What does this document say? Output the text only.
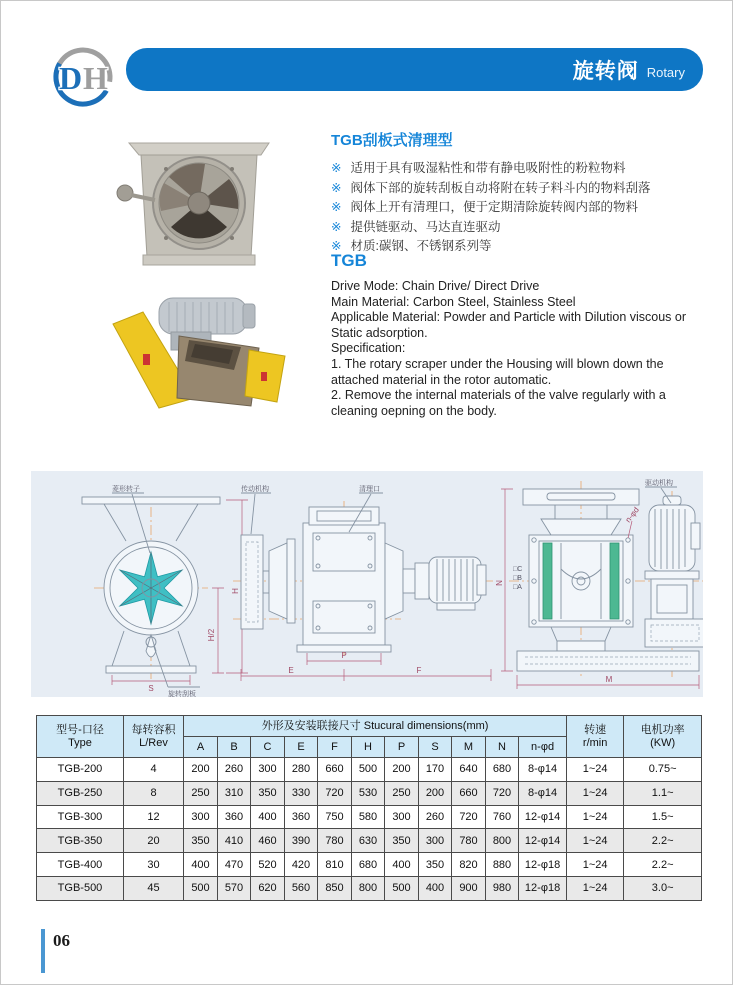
D H	旋转阀 Rotary
TGB刮板式清理型
※ 适用于具有吸湿粘性和带有静电吸附性的粉粒物料
※ 阀体下部的旋转刮板自动将附在转子料斗内的物料刮落
※ 阀体上开有清理口，便于定期清除旋转阀内部的物料
※ 提供链驱动、马达直连驱动
※ 材质:碳钢、不锈钢系列等
TGB
Drive Mode: Chain Drive/ Direct Drive
Main Material: Carbon Steel, Stainless Steel
Applicable Material: Powder and Particle with Dilution viscous or
Static adsorption.
Specification:
1. The rotary scraper under the Housing will blown down the
attached material in the rotor automatic.
2. Remove the internal materials of the valve regularly with a
cleaning oepning on the body.
H
H/2
S
菱形转子
旋转刮板
P
E	F
传动机构	清理口
N
M
□C
□B
□A
n-φd
驱动机构
型号-口径
Type

每转容积
L/Rev
	外形及安装联接尺寸 Stucural dimensions(mm)	转速
r/min

电机功率
(KW)

		A	B	C	E	F	H	P	S	M	N	n-φd		
TGB-200	4	200	260	300	280	660	500	200	170	640	680	8-φ14	1~24	0.75~
TGB-250	8	250	310	350	330	720	530	250	200	660	720	8-φ14	1~24	1.1~
TGB-300	12	300	360	400	360	750	580	300	260	720	760	12-φ14	1~24	1.5~
TGB-350	20	350	410	460	390	780	630	350	300	780	800	12-φ14	1~24	2.2~
TGB-400	30	400	470	520	420	810	680	400	350	820	880	12-φ18	1~24	2.2~
TGB-500	45	500	570	620	560	850	800	500	400	900	980	12-φ18	1~24	3.0~
06
